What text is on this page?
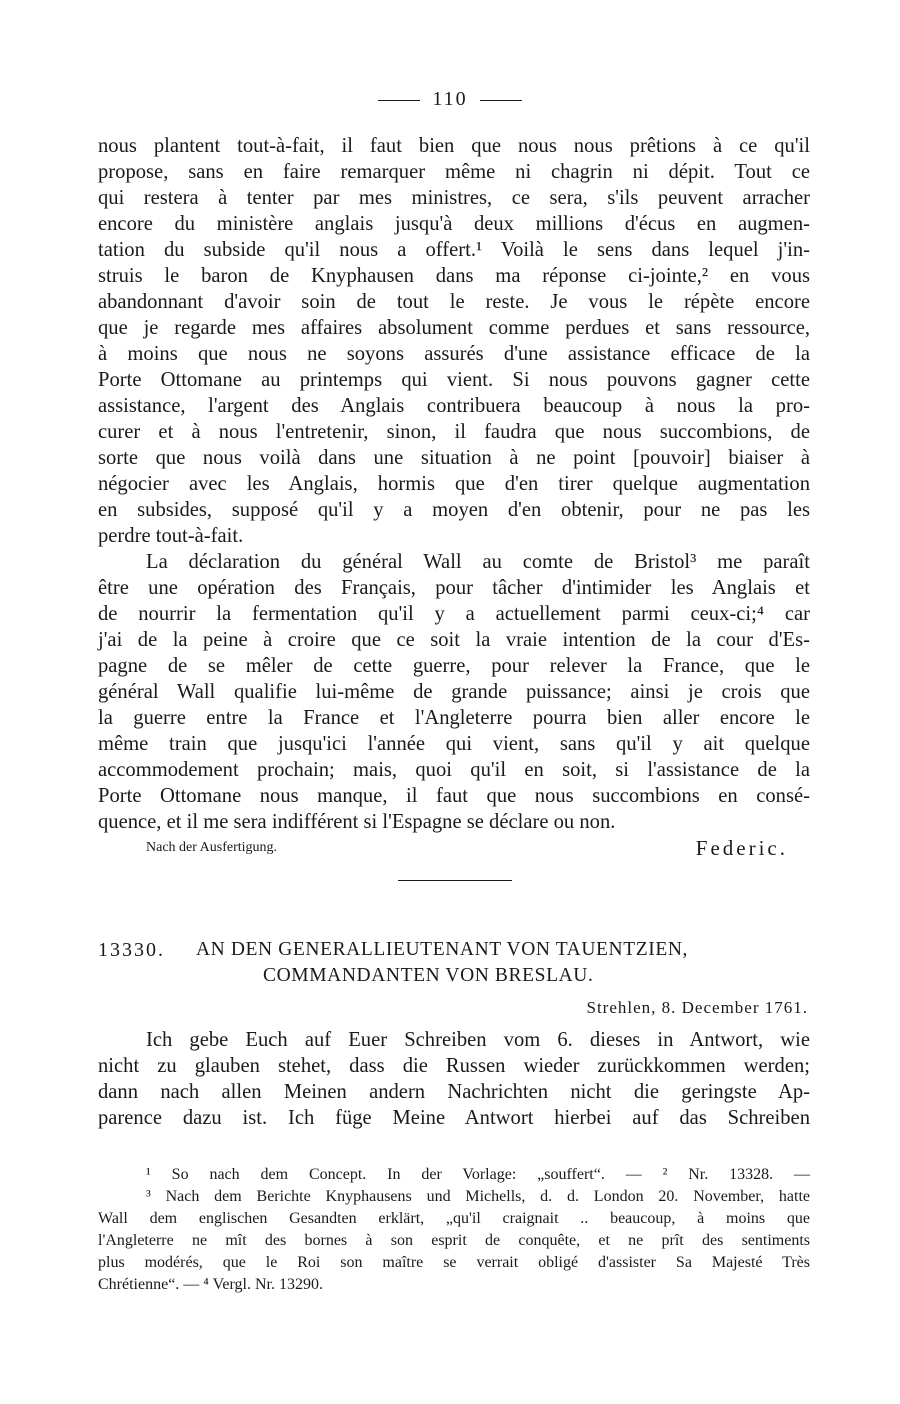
110
nous plantent tout-à-fait, il faut bien que nous nous prêtions à ce qu'il
propose, sans en faire remarquer même ni chagrin ni dépit. Tout ce
qui restera à tenter par mes ministres, ce sera, s'ils peuvent arracher
encore du ministère anglais jusqu'à deux millions d'écus en augmen-
tation du subside qu'il nous a offert.¹ Voilà le sens dans lequel j'in-
struis le baron de Knyphausen dans ma réponse ci-jointe,² en vous
abandonnant d'avoir soin de tout le reste. Je vous le répète encore
que je regarde mes affaires absolument comme perdues et sans ressource,
à moins que nous ne soyons assurés d'une assistance efficace de la
Porte Ottomane au printemps qui vient. Si nous pouvons gagner cette
assistance, l'argent des Anglais contribuera beaucoup à nous la pro-
curer et à nous l'entretenir, sinon, il faudra que nous succombions, de
sorte que nous voilà dans une situation à ne point [pouvoir] biaiser à
négocier avec les Anglais, hormis que d'en tirer quelque augmentation
en subsides, supposé qu'il y a moyen d'en obtenir, pour ne pas les
perdre tout-à-fait.
La déclaration du général Wall au comte de Bristol³ me paraît
être une opération des Français, pour tâcher d'intimider les Anglais et
de nourrir la fermentation qu'il y a actuellement parmi ceux-ci;⁴ car
j'ai de la peine à croire que ce soit la vraie intention de la cour d'Es-
pagne de se mêler de cette guerre, pour relever la France, que le
général Wall qualifie lui-même de grande puissance; ainsi je crois que
la guerre entre la France et l'Angleterre pourra bien aller encore le
même train que jusqu'ici l'année qui vient, sans qu'il y ait quelque
accommodement prochain; mais, quoi qu'il en soit, si l'assistance de la
Porte Ottomane nous manque, il faut que nous succombions en consé-
quence, et il me sera indifférent si l'Espagne se déclare ou non.
Nach der Ausfertigung.	Federic.
13330. AN DEN GENERALLIEUTENANT VON TAUENTZIEN,
COMMANDANTEN VON BRESLAU.
Strehlen, 8. December 1761.
Ich gebe Euch auf Euer Schreiben vom 6. dieses in Antwort, wie
nicht zu glauben stehet, dass die Russen wieder zurückkommen werden;
dann nach allen Meinen andern Nachrichten nicht die geringste Ap-
parence dazu ist. Ich füge Meine Antwort hierbei auf das Schreiben
¹ So nach dem Concept. In der Vorlage: „souffert“. — ² Nr. 13328. —
³ Nach dem Berichte Knyphausens und Michells, d. d. London 20. November, hatte
Wall dem englischen Gesandten erklärt, „qu'il craignait .. beaucoup, à moins que
l'Angleterre ne mît des bornes à son esprit de conquête, et ne prît des sentiments
plus modérés, que le Roi son maître se verrait obligé d'assister Sa Majesté Très
Chrétienne“. — ⁴ Vergl. Nr. 13290.
